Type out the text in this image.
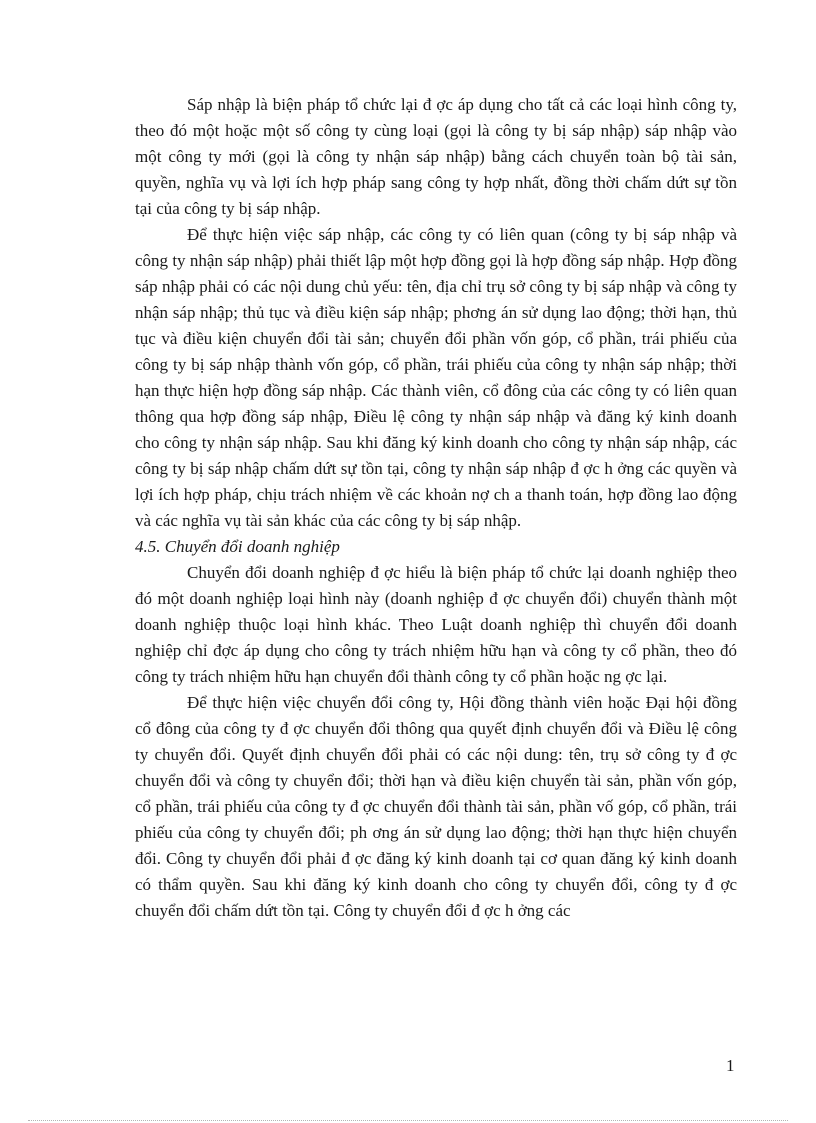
Sáp nhập là biện pháp tổ chức lại đ ợc áp dụng cho tất cả các loại hình công ty, theo đó một hoặc một số công ty cùng loại (gọi là công ty bị sáp nhập) sáp nhập vào một công ty mới (gọi là công ty nhận sáp nhập) bằng cách chuyển toàn bộ tài sản, quyền, nghĩa vụ và lợi ích hợp pháp sang công ty hợp nhất, đồng thời chấm dứt sự tồn tại của công ty bị sáp nhập.

Để thực hiện việc sáp nhập, các công ty có liên quan (công ty bị sáp nhập và công ty nhận sáp nhập) phải thiết lập một hợp đồng gọi là hợp đồng sáp nhập. Hợp đồng sáp nhập phải có các nội dung chủ yếu: tên, địa chỉ trụ sở công ty bị sáp nhập và công ty nhận sáp nhập; thủ tục và điều kiện sáp nhập; phơng án sử dụng lao động; thời hạn, thủ tục và điều kiện chuyển đổi tài sản; chuyển đổi phần vốn góp, cổ phần, trái phiếu của công ty bị sáp nhập thành vốn góp, cổ phần, trái phiếu của công ty nhận sáp nhập; thời hạn thực hiện hợp đồng sáp nhập. Các thành viên, cổ đông của các công ty có liên quan thông qua hợp đồng sáp nhập, Điều lệ công ty nhận sáp nhập và đăng ký kinh doanh cho công ty nhận sáp nhập. Sau khi đăng ký kinh doanh cho công ty nhận sáp nhập, các công ty bị sáp nhập chấm dứt sự tồn tại, công ty nhận sáp nhập đ ợc h ởng các quyền và lợi ích hợp pháp, chịu trách nhiệm về các khoản nợ ch a thanh toán, hợp đồng lao động và các nghĩa vụ tài sản khác của các công ty bị sáp nhập.

4.5. Chuyển đổi doanh nghiệp

Chuyển đổi doanh nghiệp đ ợc hiểu là biện pháp tổ chức lại doanh nghiệp theo đó một doanh nghiệp loại hình này (doanh nghiệp đ ợc chuyển đổi) chuyển thành một doanh nghiệp thuộc loại hình khác. Theo Luật doanh nghiệp thì chuyển đổi doanh nghiệp chỉ đợc áp dụng cho công ty trách nhiệm hữu hạn và công ty cổ phần, theo đó công ty trách nhiệm hữu hạn chuyển đổi thành công ty cổ phần hoặc ng ợc lại.

Để thực hiện việc chuyển đổi công ty, Hội đồng thành viên hoặc Đại hội đồng cổ đông của công ty đ ợc chuyển đổi thông qua quyết định chuyển đổi và Điều lệ công ty chuyển đổi. Quyết định chuyển đổi phải có các nội dung: tên, trụ sở công ty đ ợc chuyển đổi và công ty chuyển đổi; thời hạn và điều kiện chuyển tài sản, phần vốn góp, cổ phần, trái phiếu của công ty đ ợc chuyển đổi thành tài sản, phần vố góp, cổ phần, trái phiếu của công ty chuyển đổi; ph ơng án sử dụng lao động; thời hạn thực hiện chuyển đổi. Công ty chuyển đổi phải đ ợc đăng ký kinh doanh tại cơ quan đăng ký kinh doanh có thẩm quyền. Sau khi đăng ký kinh doanh cho công ty chuyển đổi, công ty đ ợc chuyển đổi chấm dứt tồn tại. Công ty chuyển đổi đ ợc h ởng các

1
